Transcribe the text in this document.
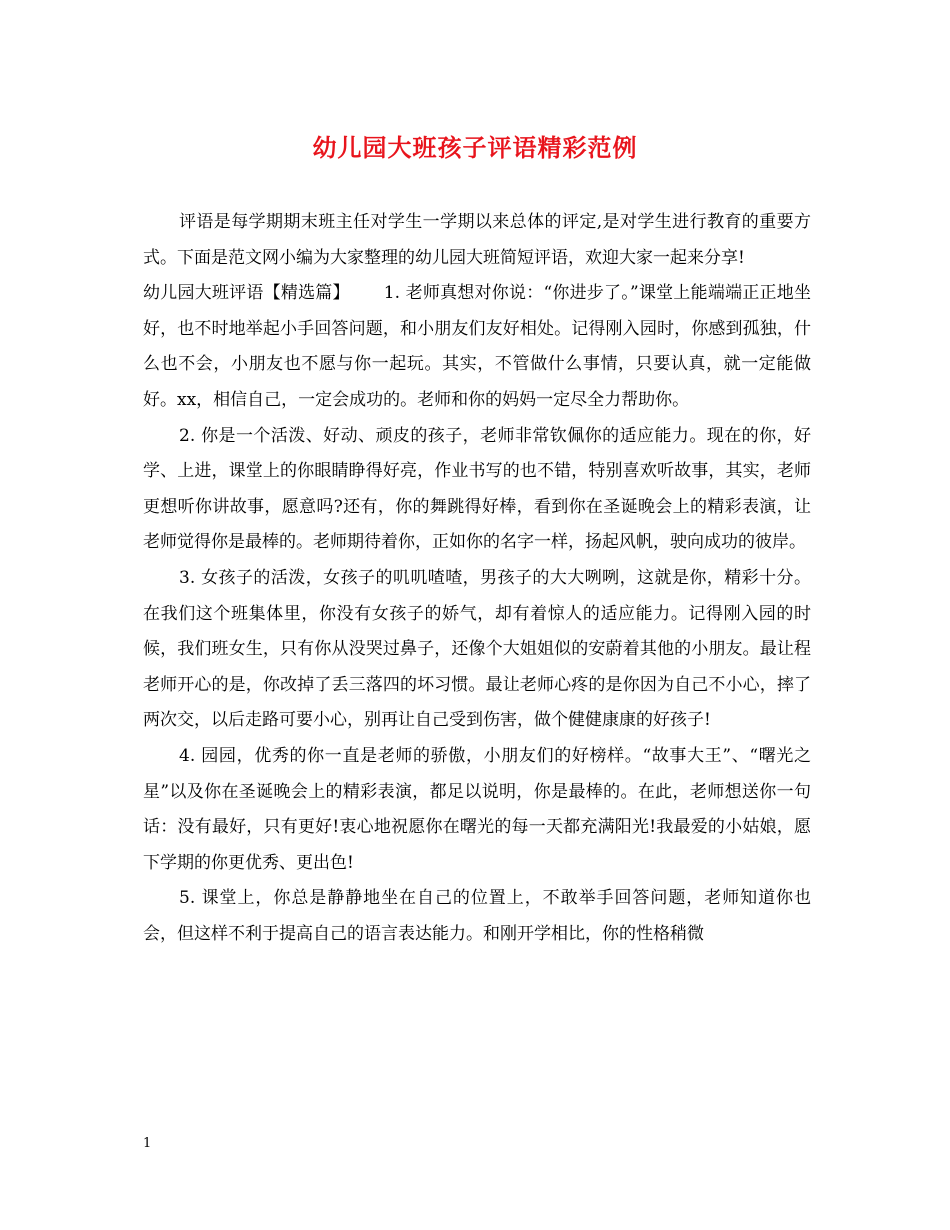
幼儿园大班孩子评语精彩范例

评语是每学期期末班主任对学生一学期以来总体的评定,是对学生进行教育的重要方式。下面是范文网小编为大家整理的幼儿园大班简短评语，欢迎大家一起来分享!

幼儿园大班评语【精选篇】 1. 老师真想对你说：“你进步了。”课堂上能端端正正地坐好，也不时地举起小手回答问题，和小朋友们友好相处。记得刚入园时，你感到孤独，什么也不会，小朋友也不愿与你一起玩。其实，不管做什么事情，只要认真，就一定能做好。xx，相信自己，一定会成功的。老师和你的妈妈一定尽全力帮助你。

2. 你是一个活泼、好动、顽皮的孩子，老师非常钦佩你的适应能力。现在的你，好学、上进，课堂上的你眼睛睁得好亮，作业书写的也不错，特别喜欢听故事，其实，老师更想听你讲故事，愿意吗?还有，你的舞跳得好棒，看到你在圣诞晚会上的精彩表演，让老师觉得你是最棒的。老师期待着你，正如你的名字一样，扬起风帆，驶向成功的彼岸。

3. 女孩子的活泼，女孩子的叽叽喳喳，男孩子的大大咧咧，这就是你，精彩十分。在我们这个班集体里，你没有女孩子的娇气，却有着惊人的适应能力。记得刚入园的时候，我们班女生，只有你从没哭过鼻子，还像个大姐姐似的安蔚着其他的小朋友。最让程老师开心的是，你改掉了丢三落四的坏习惯。最让老师心疼的是你因为自己不小心，摔了两次交，以后走路可要小心，别再让自己受到伤害，做个健健康康的好孩子!

4. 园园，优秀的你一直是老师的骄傲，小朋友们的好榜样。“故事大王”、“曙光之星”以及你在圣诞晚会上的精彩表演，都足以说明，你是最棒的。在此，老师想送你一句话：没有最好，只有更好!衷心地祝愿你在曙光的每一天都充满阳光!我最爱的小姑娘，愿下学期的你更优秀、更出色!

5. 课堂上，你总是静静地坐在自己的位置上，不敢举手回答问题，老师知道你也会，但这样不利于提高自己的语言表达能力。和刚开学相比，你的性格稍微

1
